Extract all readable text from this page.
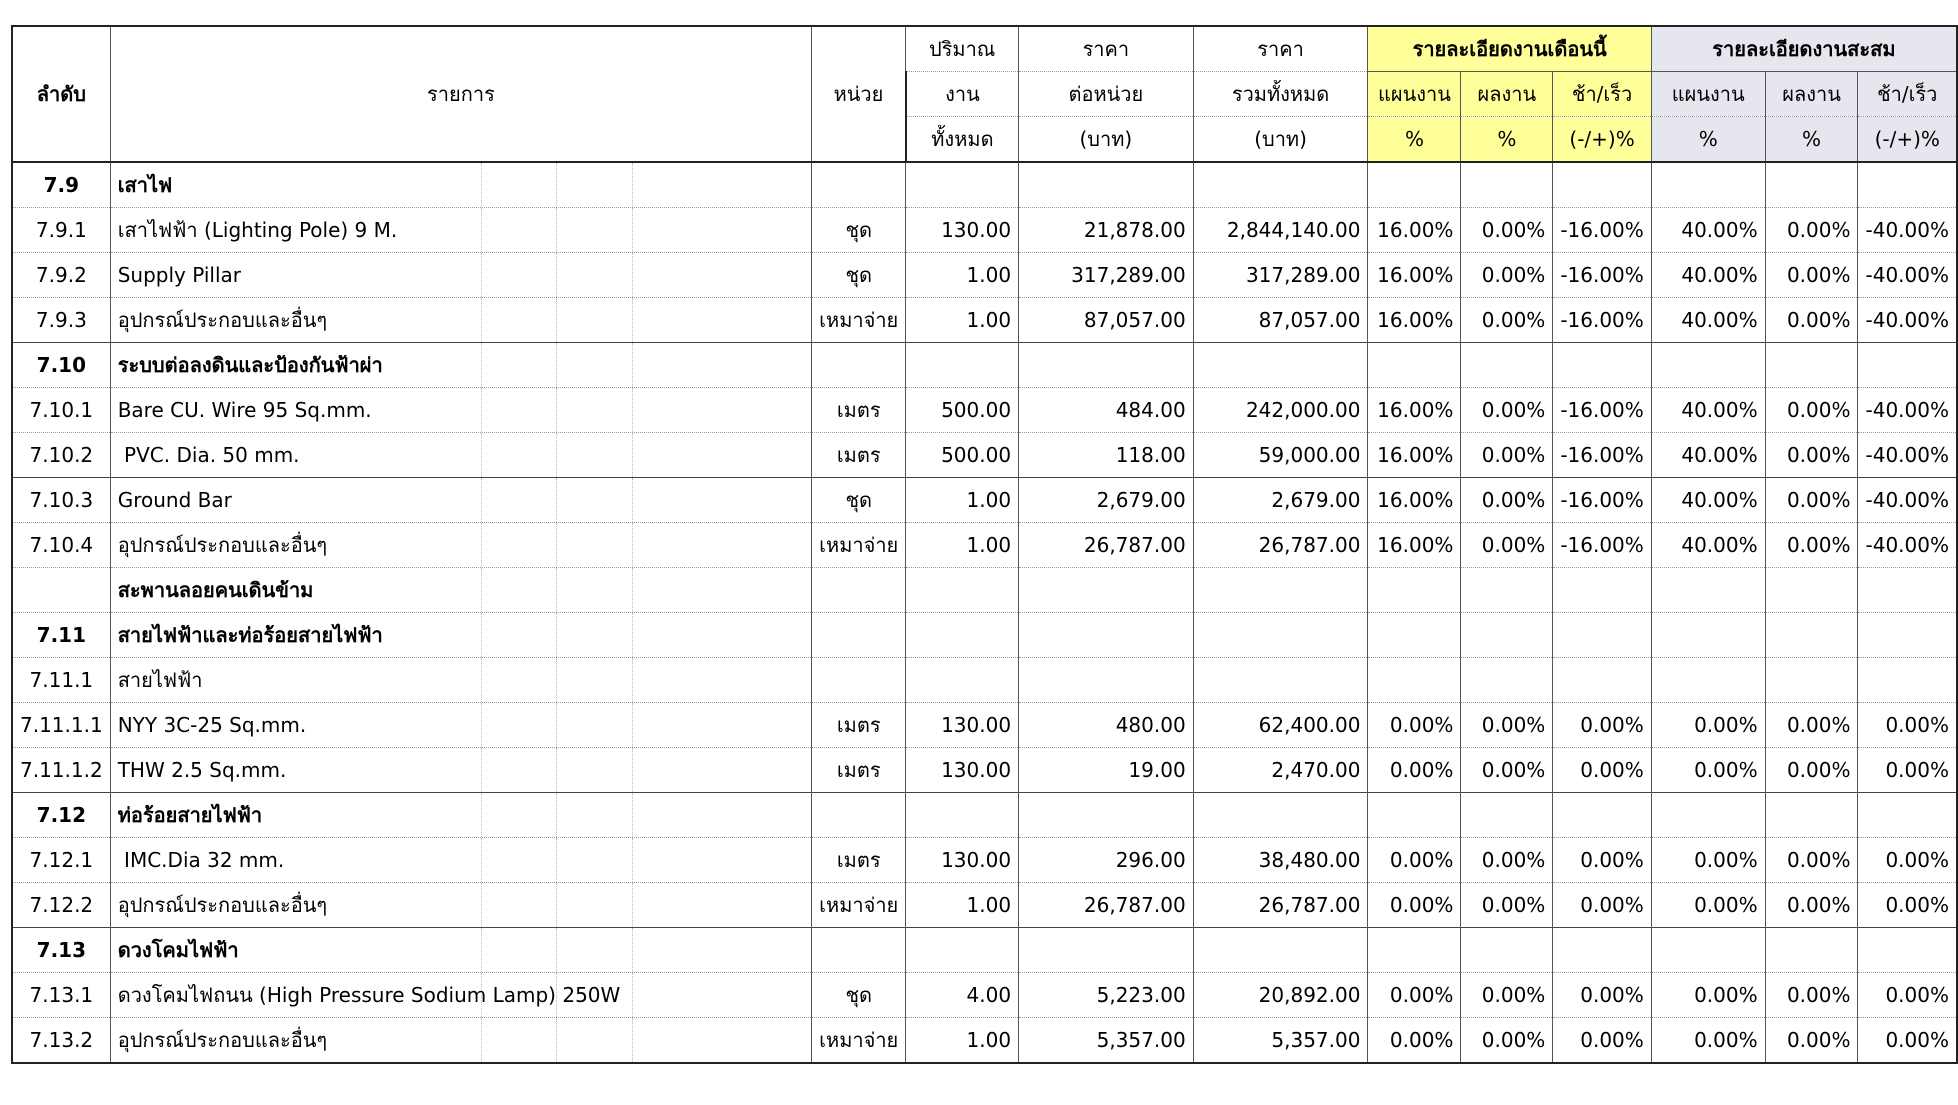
ลำดับ	รายการ	หน่วย	ปริมาณ	ราคา	ราคา	รายละเอียดงานเดือนนี้			รายละเอียดงานสะสม		
			งาน	ต่อหน่วย	รวมทั้งหมด	แผนงาน	ผลงาน	ช้า/เร็ว	แผนงาน	ผลงาน	ช้า/เร็ว
			ทั้งหมด	(บาท)	(บาท)	%	%	(-/+)%	%	%	(-/+)%
7.9	เสาไฟ										
7.9.1	เสาไฟฟ้า (Lighting Pole) 9 M.	ชุด	130.00	21,878.00	2,844,140.00	16.00%	0.00%	-16.00%	40.00%	0.00%	-40.00%
7.9.2	Supply Pillar	ชุด	1.00	317,289.00	317,289.00	16.00%	0.00%	-16.00%	40.00%	0.00%	-40.00%
7.9.3	อุปกรณ์ประกอบและอื่นๆ	เหมาจ่าย	1.00	87,057.00	87,057.00	16.00%	0.00%	-16.00%	40.00%	0.00%	-40.00%
7.10	ระบบต่อลงดินและป้องกันฟ้าผ่า										
7.10.1	Bare CU. Wire 95 Sq.mm.	เมตร	500.00	484.00	242,000.00	16.00%	0.00%	-16.00%	40.00%	0.00%	-40.00%
7.10.2	PVC. Dia. 50 mm.	เมตร	500.00	118.00	59,000.00	16.00%	0.00%	-16.00%	40.00%	0.00%	-40.00%
7.10.3	Ground Bar	ชุด	1.00	2,679.00	2,679.00	16.00%	0.00%	-16.00%	40.00%	0.00%	-40.00%
7.10.4	อุปกรณ์ประกอบและอื่นๆ	เหมาจ่าย	1.00	26,787.00	26,787.00	16.00%	0.00%	-16.00%	40.00%	0.00%	-40.00%

สะพานลอยคนเดินข้าม										
7.11	สายไฟฟ้าและท่อร้อยสายไฟฟ้า										
7.11.1	สายไฟฟ้า										
7.11.1.1	NYY 3C-25 Sq.mm.	เมตร	130.00	480.00	62,400.00	0.00%	0.00%	0.00%	0.00%	0.00%	0.00%
7.11.1.2	THW 2.5 Sq.mm.	เมตร	130.00	19.00	2,470.00	0.00%	0.00%	0.00%	0.00%	0.00%	0.00%
7.12	ท่อร้อยสายไฟฟ้า										
7.12.1	IMC.Dia 32 mm.	เมตร	130.00	296.00	38,480.00	0.00%	0.00%	0.00%	0.00%	0.00%	0.00%
7.12.2	อุปกรณ์ประกอบและอื่นๆ	เหมาจ่าย	1.00	26,787.00	26,787.00	0.00%	0.00%	0.00%	0.00%	0.00%	0.00%
7.13	ดวงโคมไฟฟ้า										
7.13.1	ดวงโคมไฟถนน (High Pressure Sodium Lamp) 250W	ชุด	4.00	5,223.00	20,892.00	0.00%	0.00%	0.00%	0.00%	0.00%	0.00%
7.13.2	อุปกรณ์ประกอบและอื่นๆ	เหมาจ่าย	1.00	5,357.00	5,357.00	0.00%	0.00%	0.00%	0.00%	0.00%	0.00%
